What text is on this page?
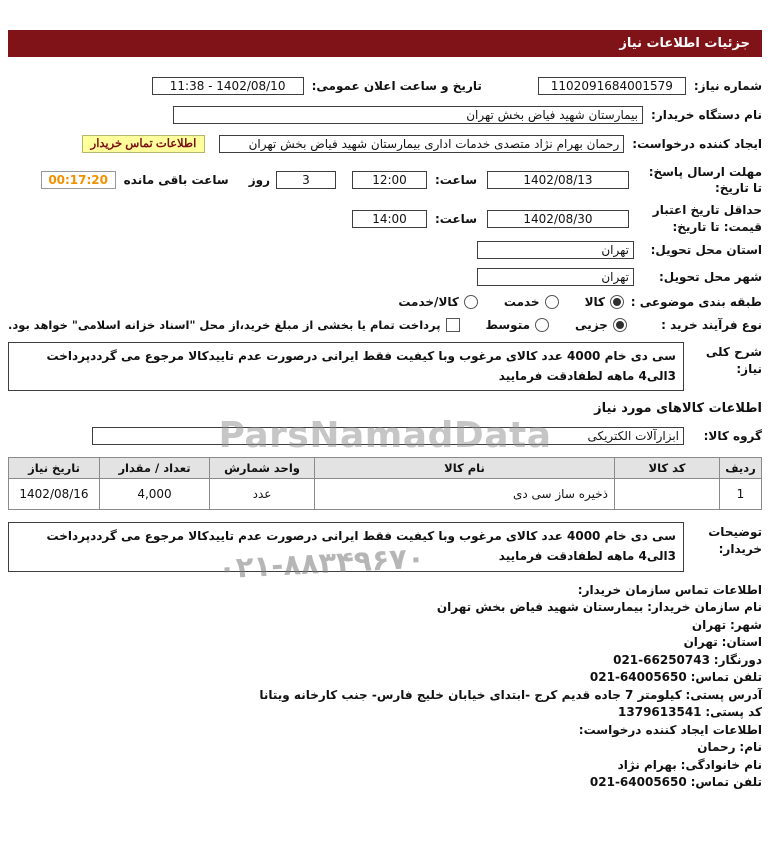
جزئیات اطلاعات نیاز
شماره نیاز:
1102091684001579
تاریخ و ساعت اعلان عمومی:
11:38 - 1402/08/10
نام دستگاه خریدار:
بیمارستان شهید فیاض بخش تهران
ایجاد کننده درخواست:
رحمان بهرام نژاد متصدی خدمات اداری بیمارستان شهید فیاض بخش تهران
اطلاعات تماس خریدار
مهلت ارسال پاسخ: تا تاریخ:
1402/08/13
ساعت:
12:00
3
روز
ساعت باقی مانده
00:17:20
حداقل تاریخ اعتبار قیمت: تا تاریخ:
1402/08/30
ساعت:
14:00
استان محل تحویل:
تهران
شهر محل تحویل:
تهران
طبقه بندی موضوعی :
کالا
خدمت
کالا/خدمت
نوع فرآیند خرید :
جزیی
متوسط
پرداخت تمام یا بخشی از مبلغ خرید،از محل "اسناد خزانه اسلامی" خواهد بود.
شرح کلی نیاز:
سی دی خام 4000 عدد کالای مرغوب وبا کیفیت فقط ایرانی درصورت عدم تاییدکالا مرجوع می گرددپرداخت 3الی4 ماهه لطفادقت فرمایید
اطلاعات کالاهای مورد نیاز
گروه کالا:
ابزارآلات الکتریکی
ردیف	کد کالا	نام کالا	واحد شمارش	تعداد / مقدار	تاریخ نیاز
1		ذخیره ساز سی دی	عدد	4,000	1402/08/16
توضیحات خریدار:
سی دی خام 4000 عدد کالای مرغوب وبا کیفیت فقط ایرانی درصورت عدم تاییدکالا مرجوع می گرددپرداخت 3الی4 ماهه لطفادقت فرمایید
اطلاعات تماس سازمان خریدار:
نام سازمان خریدار: بیمارستان شهید فیاض بخش تهران
شهر: تهران
استان: تهران
دورنگار: 021-66250743
تلفن تماس: 021-64005650
آدرس پستی: کیلومتر 7 جاده قدیم کرج -ابتدای خیابان خلیج فارس- جنب کارخانه ویتانا
کد پستی: 1379613541
اطلاعات ایجاد کننده درخواست:
نام: رحمان
نام خانوادگی: بهرام نژاد
تلفن تماس: 021-64005650
ParsNamadData
۰۲۱-۸۸۳۴۹۶۷۰
